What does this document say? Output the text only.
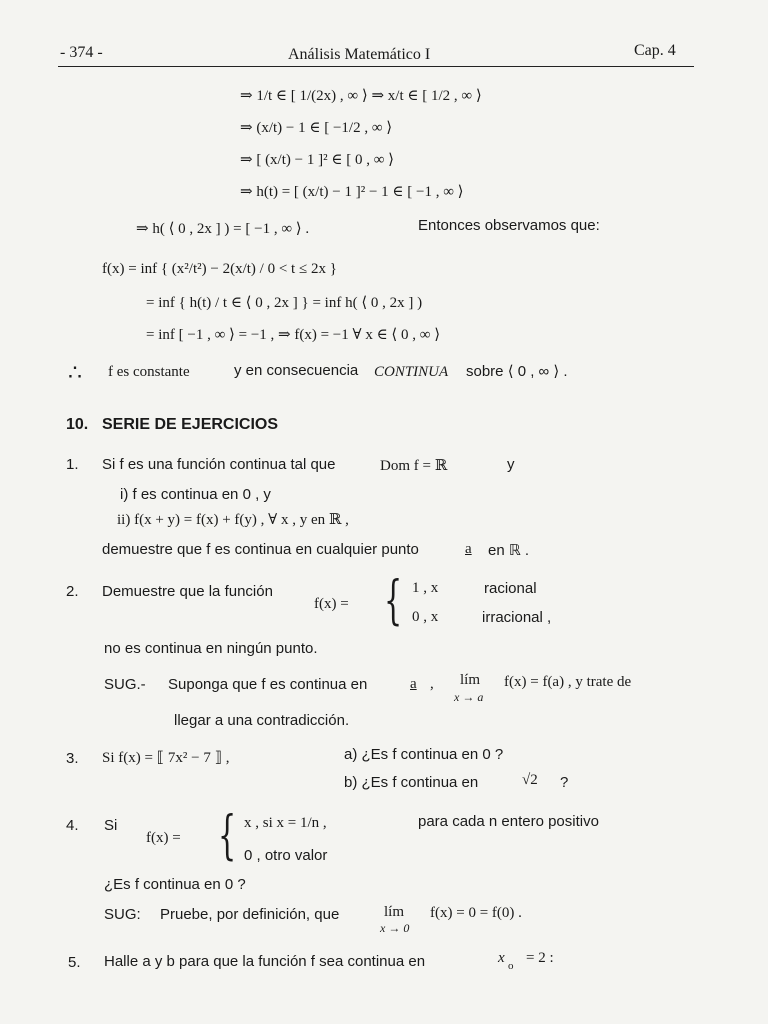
- 374 -	Análisis Matemático I	Cap. 4
⇒ 1/t ∈ [ 1/(2x) , ∞ ⟩ ⇒ x/t ∈ [ 1/2 , ∞ ⟩
⇒ (x/t) − 1 ∈ [ −1/2 , ∞ ⟩
⇒ [ (x/t) − 1 ]² ∈ [ 0 , ∞ ⟩
⇒ h(t) = [ (x/t) − 1 ]² − 1 ∈ [ −1 , ∞ ⟩
⇒ h( ⟨ 0 , 2x ] ) = [ −1 , ∞ ⟩ .	Entonces observamos que:
f(x) = inf { (x²/t²) − 2(x/t) / 0 < t ≤ 2x }
= inf { h(t) / t ∈ ⟨ 0 , 2x ] } = inf h( ⟨ 0 , 2x ] )
= inf [ −1 , ∞ ⟩ = −1 , ⇒ f(x) = −1 ∀ x ∈ ⟨ 0 , ∞ ⟩
∴ f es constante	y en consecuencia CONTINUA sobre ⟨ 0 , ∞ ⟩ .
10. SERIE DE EJERCICIOS
1. Si f es una función continua tal que	Dom f = ℝ	y
i) f es continua en 0 , y
ii) f(x + y) = f(x) + f(y) , ∀ x , y en ℝ ,
demuestre que f es continua en cualquier punto	a en ℝ .
2. Demuestre que la función
f(x) = { 1 , x	racional
0 , x	irracional ,
no es continua en ningún punto.
SUG.- Suponga que f es continua en	a , lím
x → a
f(x) = f(a) , y trate de
llegar a una contradicción.
3. Si f(x) = ⟦ 7x² − 7 ⟧ ,	a) ¿Es f continua en 0 ?
b) ¿Es f continua en	√2 ?
4. Si
f(x) = { x , si x = 1/n ,	para cada n entero positivo
0 , otro valor
¿Es f continua en 0 ?
SUG: Pruebe, por definición, que	lím
x → 0
f(x) = 0 = f(0) .
5. Halle a y b para que la función f sea continua en	x o = 2 :
